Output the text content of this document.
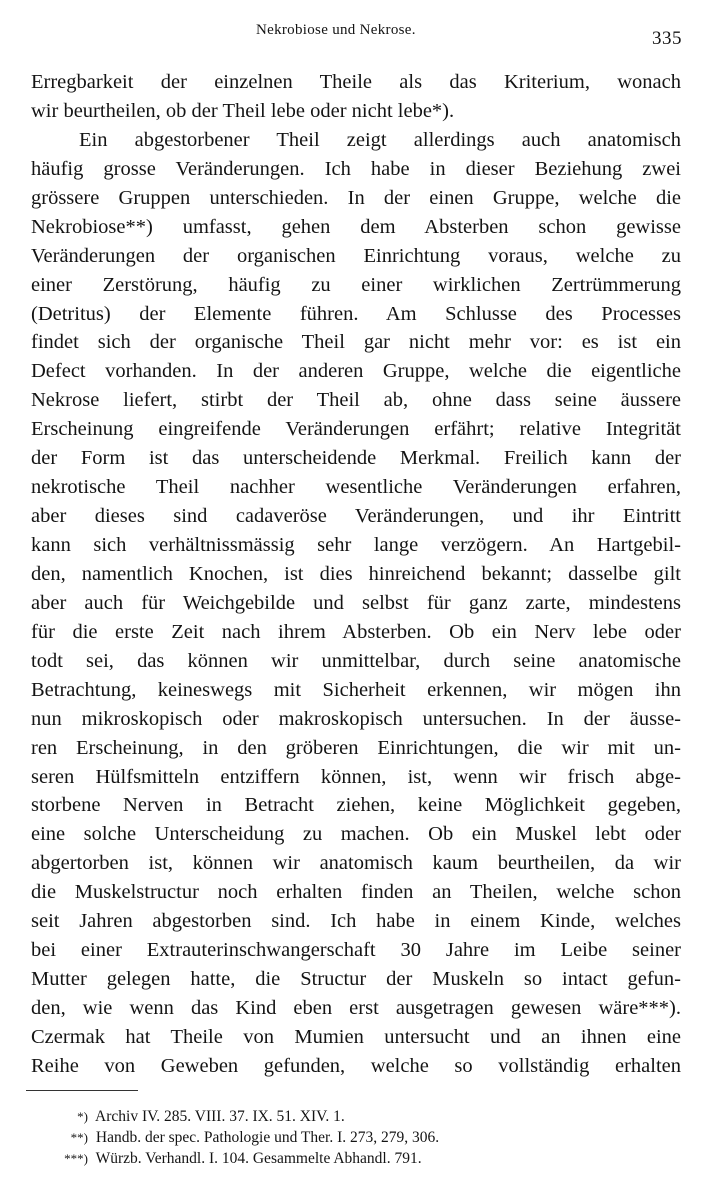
Nekrobiose und Nekrose.	335
Erregbarkeit der einzelnen Theile als das Kriterium, wonach
wir beurtheilen, ob der Theil lebe oder nicht lebe*).
Ein abgestorbener Theil zeigt allerdings auch anatomisch
häufig grosse Veränderungen. Ich habe in dieser Beziehung zwei
grössere Gruppen unterschieden. In der einen Gruppe, welche die
Nekrobiose**) umfasst, gehen dem Absterben schon gewisse
Veränderungen der organischen Einrichtung voraus, welche zu
einer Zerstörung, häufig zu einer wirklichen Zertrümmerung
(Detritus) der Elemente führen. Am Schlusse des Processes
findet sich der organische Theil gar nicht mehr vor: es ist ein
Defect vorhanden. In der anderen Gruppe, welche die eigentliche
Nekrose liefert, stirbt der Theil ab, ohne dass seine äussere
Erscheinung eingreifende Veränderungen erfährt; relative Integrität
der Form ist das unterscheidende Merkmal. Freilich kann der
nekrotische Theil nachher wesentliche Veränderungen erfahren,
aber dieses sind cadaveröse Veränderungen, und ihr Eintritt
kann sich verhältnissmässig sehr lange verzögern. An Hartgebil-
den, namentlich Knochen, ist dies hinreichend bekannt; dasselbe gilt
aber auch für Weichgebilde und selbst für ganz zarte, mindestens
für die erste Zeit nach ihrem Absterben. Ob ein Nerv lebe oder
todt sei, das können wir unmittelbar, durch seine anatomische
Betrachtung, keineswegs mit Sicherheit erkennen, wir mögen ihn
nun mikroskopisch oder makroskopisch untersuchen. In der äusse-
ren Erscheinung, in den gröberen Einrichtungen, die wir mit un-
seren Hülfsmitteln entziffern können, ist, wenn wir frisch abge-
storbene Nerven in Betracht ziehen, keine Möglichkeit gegeben,
eine solche Unterscheidung zu machen. Ob ein Muskel lebt oder
abgertorben ist, können wir anatomisch kaum beurtheilen, da wir
die Muskelstructur noch erhalten finden an Theilen, welche schon
seit Jahren abgestorben sind. Ich habe in einem Kinde, welches
bei einer Extrauterinschwangerschaft 30 Jahre im Leibe seiner
Mutter gelegen hatte, die Structur der Muskeln so intact gefun-
den, wie wenn das Kind eben erst ausgetragen gewesen wäre***).
Czermak hat Theile von Mumien untersucht und an ihnen eine
Reihe von Geweben gefunden, welche so vollständig erhalten
*) Archiv IV. 285. VIII. 37. IX. 51. XIV. 1.
**) Handb. der spec. Pathologie und Ther. I. 273, 279, 306.
***) Würzb. Verhandl. I. 104. Gesammelte Abhandl. 791.
